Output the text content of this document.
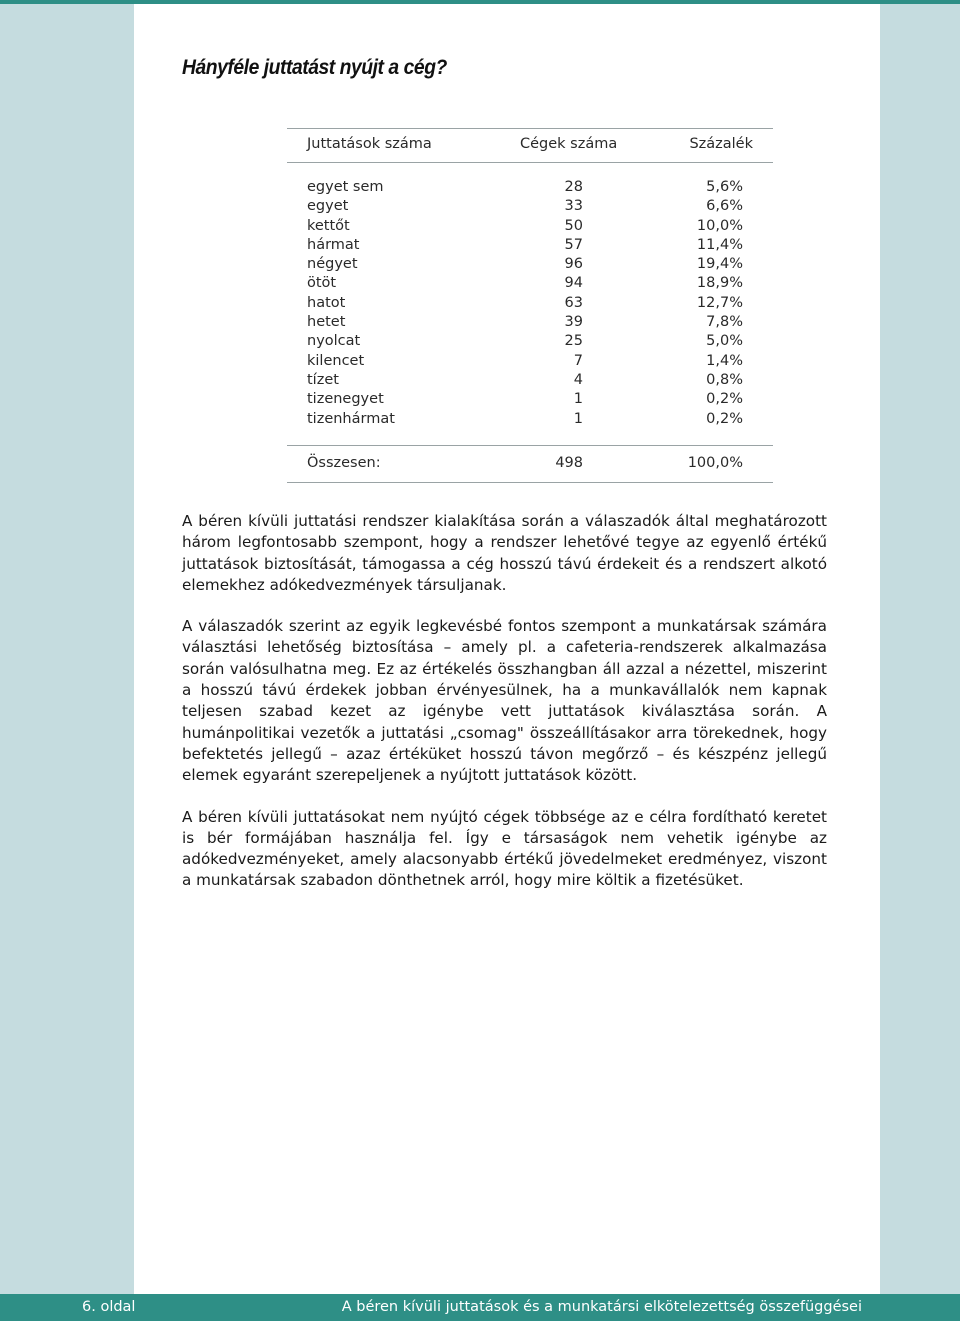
Hányféle juttatást nyújt a cég?
Juttatások száma	Cégek száma	Százalék
egyet sem	28	5,6%
egyet	33	6,6%
kettőt	50	10,0%
hármat	57	11,4%
négyet	96	19,4%
ötöt	94	18,9%
hatot	63	12,7%
hetet	39	7,8%
nyolcat	25	5,0%
kilencet	7	1,4%
tízet	4	0,8%
tizenegyet	1	0,2%
tizenhármat	1	0,2%
Összesen:	498	100,0%

A béren kívüli juttatási rendszer kialakítása során a válaszadók által meghatározott három legfontosabb szempont, hogy a rendszer lehetővé tegye az egyenlő értékű juttatások biztosítását, támogassa a cég hosszú távú érdekeit és a rendszert alkotó elemekhez adókedvezmények társuljanak.

A válaszadók szerint az egyik legkevésbé fontos szempont a munkatársak számára választási lehetőség biztosítása – amely pl. a cafeteria-rendszerek alkalmazása során valósulhatna meg. Ez az értékelés összhangban áll azzal a nézettel, miszerint a hosszú távú érdekek jobban érvényesülnek, ha a munkavállalók nem kapnak teljesen szabad kezet az igénybe vett juttatások kiválasztása során. A humánpolitikai vezetők a juttatási „csomag" összeállításakor arra törekednek, hogy befektetés jellegű – azaz értéküket hosszú távon megőrző – és készpénz jellegű elemek egyaránt szerepeljenek a nyújtott juttatások között.

A béren kívüli juttatásokat nem nyújtó cégek többsége az e célra fordítható keretet is bér formájában használja fel. Így e társaságok nem vehetik igénybe az adókedvezményeket, amely alacsonyabb értékű jövedelmeket eredményez, viszont a munkatársak szabadon dönthetnek arról, hogy mire költik a fizetésüket.

6. oldal	A béren kívüli juttatások és a munkatársi elkötelezettség összefüggései
